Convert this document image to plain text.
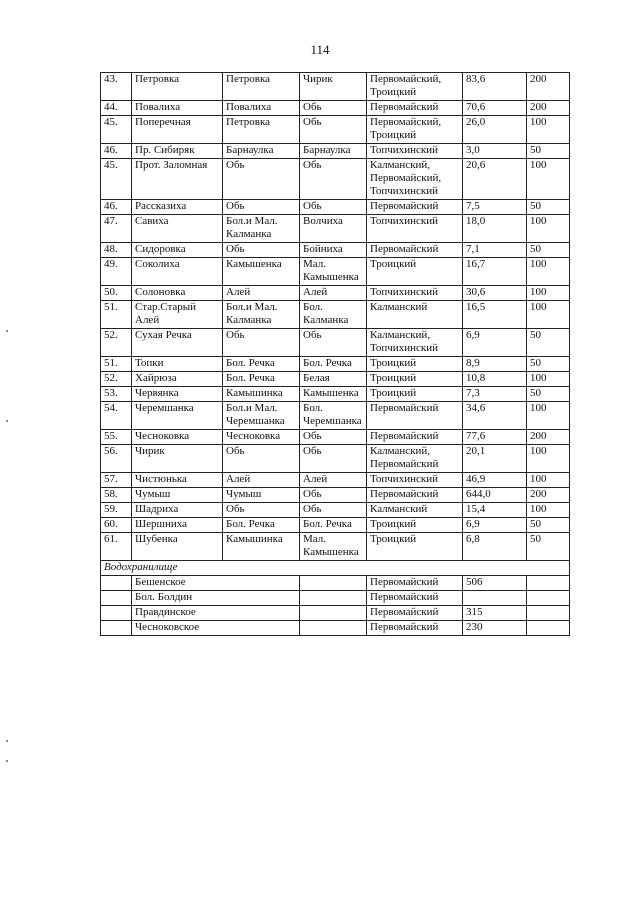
114
43.	Петровка	Петровка	Чирик	Первомайский, Троицкий	83,6	200
44.	Повалиха	Повалиха	Обь	Первомайский	70,6	200
45.	Поперечная	Петровка	Обь	Первомайский, Троицкий	26,0	100
46.	Пр. Сибиряк	Барнаулка	Барнаулка	Топчихинский	3,0	50
45.	Прот. Заломная	Обь	Обь	Калманский, Первомайский, Топчихинский	20,6	100
46.	Рассказиха	Обь	Обь	Первомайский	7,5	50
47.	Савиха	Бол.и Мал. Калманка	Волчиха	Топчихинский	18,0	100
48.	Сидоровка	Обь	Бойниха	Первомайский	7,1	50
49.	Соколиха	Камышенка	Мал. Камышенка	Троицкий	16,7	100
50.	Солоновка	Алей	Алей	Топчихинский	30,6	100
51.	Стар.Старый Алей	Бол.и Мал. Калманка	Бол. Калманка	Калманский	16,5	100
52.	Сухая Речка	Обь	Обь	Калманский, Топчихинский	6,9	50
51.	Топки	Бол. Речка	Бол. Речка	Троицкий	8,9	50
52.	Хайрюза	Бол. Речка	Белая	Троицкий	10,8	100
53.	Червянка	Камышинка	Камышенка	Троицкий	7,3	50
54.	Черемшанка	Бол.и Мал. Черемшанка	Бол. Черемшанка	Первомайский	34,6	100
55.	Чесноковка	Чесноковка	Обь	Первомайский	77,6	200
56.	Чирик	Обь	Обь	Калманский, Первомайский	20,1	100
57.	Чистюнька	Алей	Алей	Топчихинский	46,9	100
58.	Чумыш	Чумыш	Обь	Первомайский	644,0	200
59.	Шадриха	Обь	Обь	Калманский	15,4	100
60.	Шершниха	Бол. Речка	Бол. Речка	Троицкий	6,9	50
61.	Шубенка	Камышинка	Мал. Камышенка	Троицкий	6,8	50
Водохранилище						
	Бешенское			Первомайский	506	
	Бол. Болдин			Первомайский		
	Правдинское			Первомайский	315	
	Чесноковское			Первомайский	230	
